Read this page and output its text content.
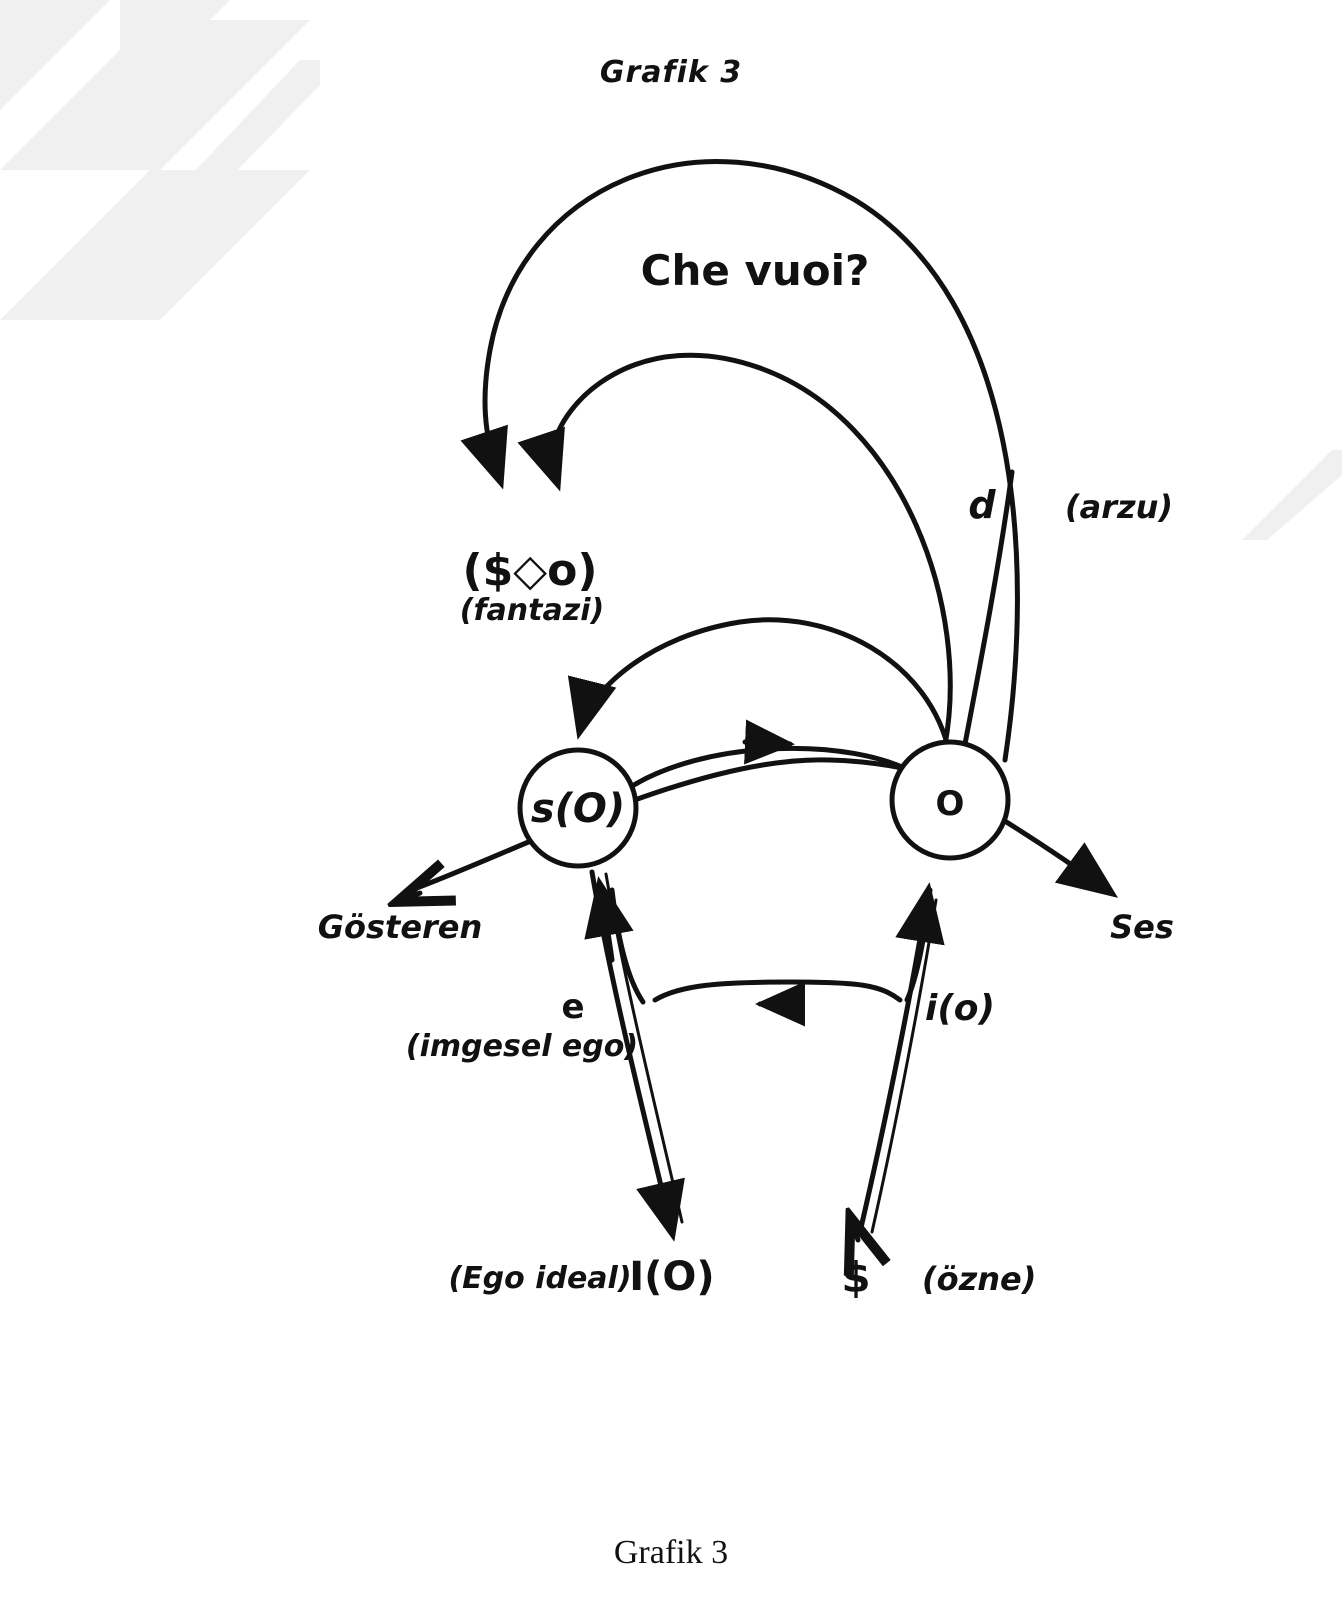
Grafik 3
s(O)	O
Che vuoi?
($◇o)
(fantazi)
d (arzu)
Gösteren	Ses
e
(imgesel ego)
i(o)
(Ego ideal)
I(O)	$ (özne)
Grafik 3
